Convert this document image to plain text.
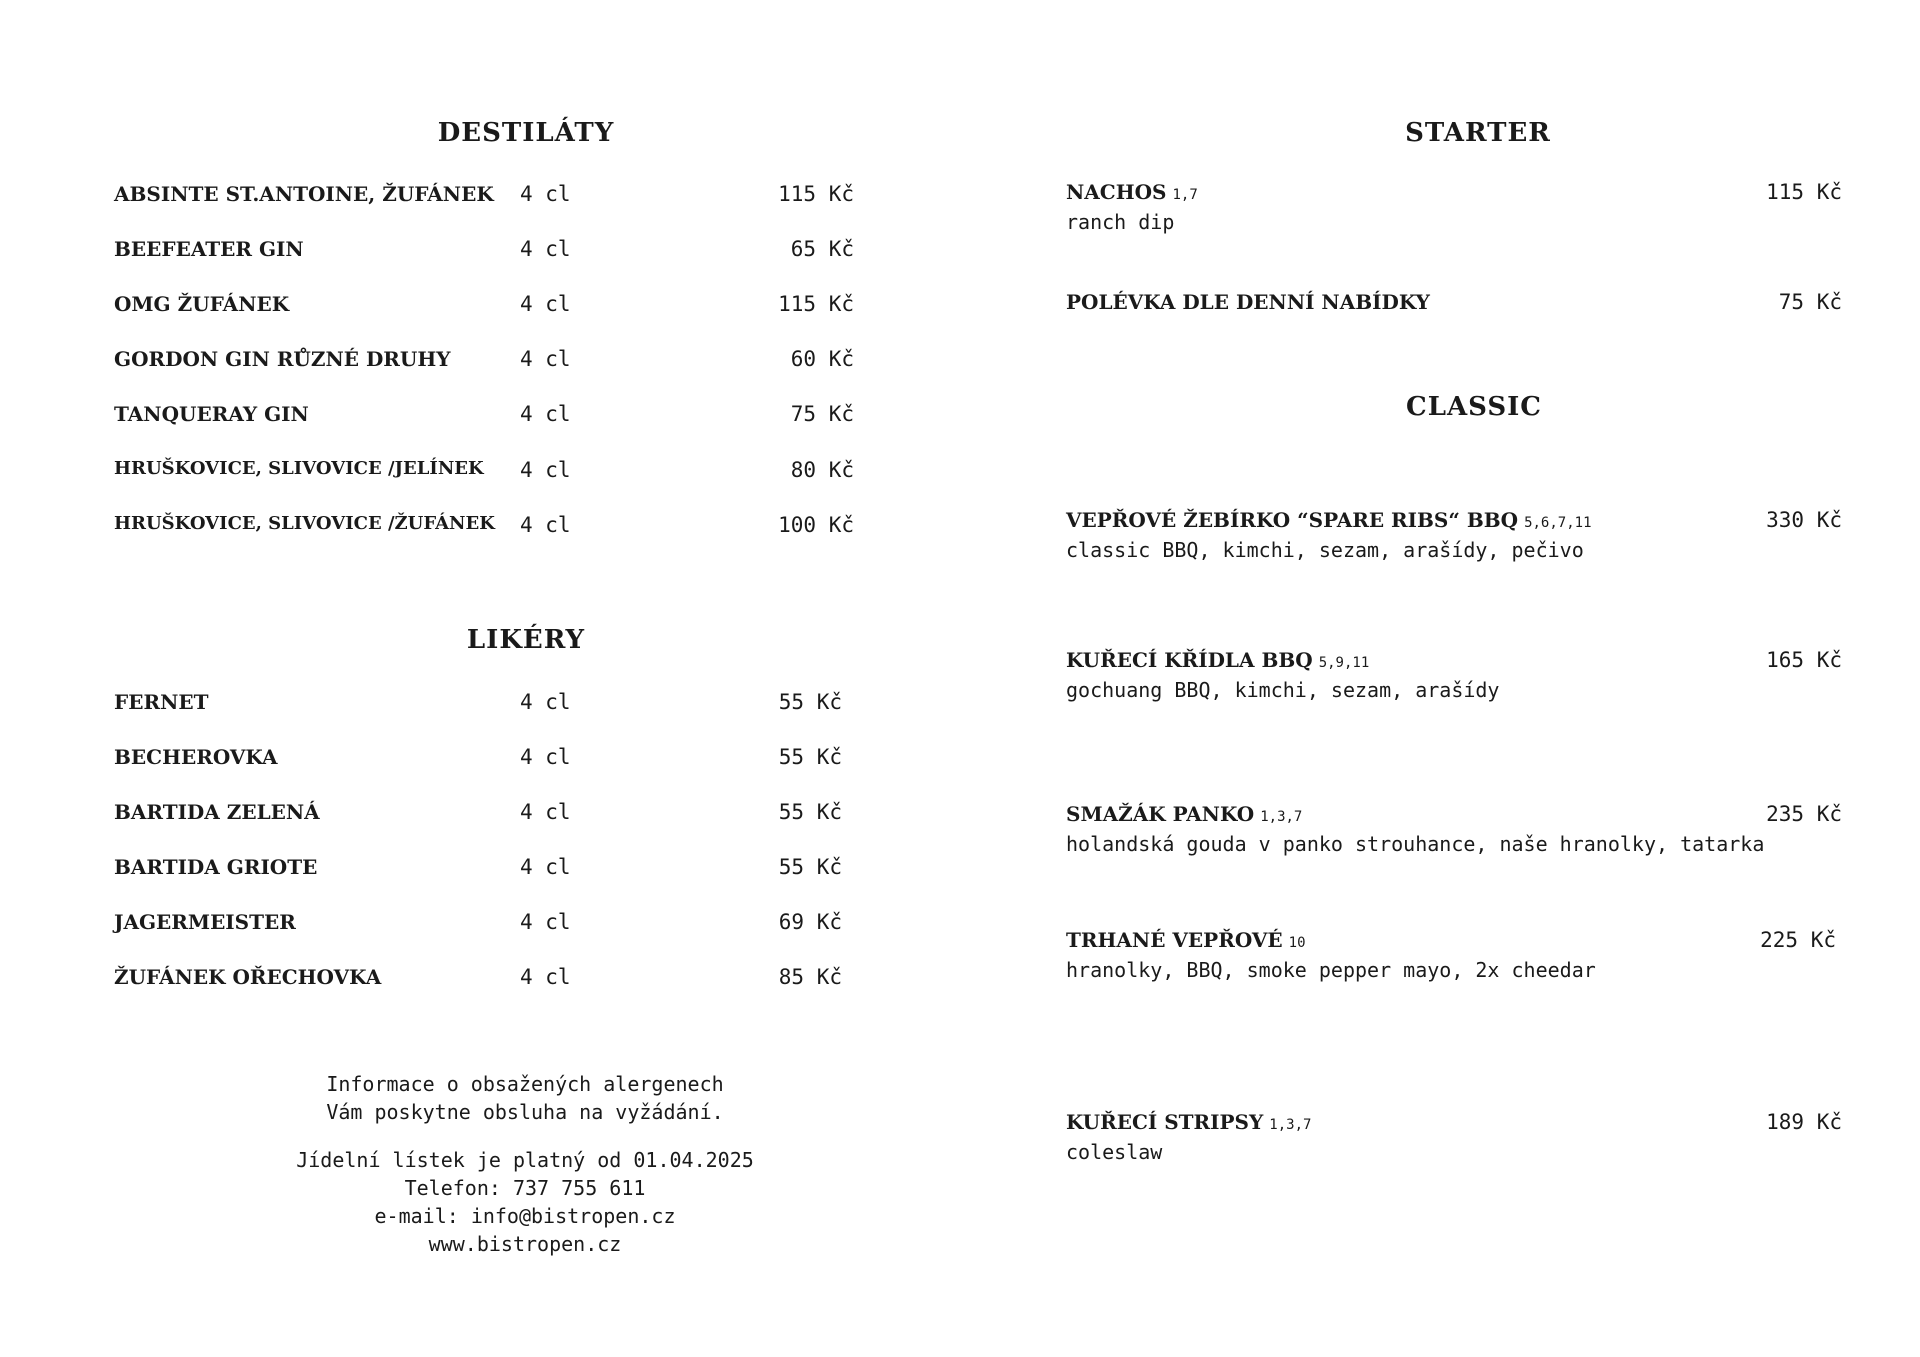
DESTILÁTY
ABSINTE ST.ANTOINE, ŽUFÁNEK 4 cl	115 Kč
BEEFEATER GIN	4 cl	65 Kč
OMG ŽUFÁNEK	4 cl	115 Kč
GORDON GIN RŮZNÉ DRUHY	4 cl	60 Kč
TANQUERAY GIN	4 cl	75 Kč
HRUŠKOVICE, SLIVOVICE /JELÍNEK 4 cl	80 Kč
HRUŠKOVICE, SLIVOVICE /ŽUFÁNEK 4 cl	100 Kč
LIKÉRY
FERNET	4 cl	55 Kč
BECHEROVKA	4 cl	55 Kč
BARTIDA ZELENÁ	4 cl	55 Kč
BARTIDA GRIOTE	4 cl	55 Kč
JAGERMEISTER	4 cl	69 Kč
ŽUFÁNEK OŘECHOVKA	4 cl	85 Kč
Informace o obsažených alergenech
Vám poskytne obsluha na vyžádání.
Jídelní lístek je platný od 01.04.2025
Telefon: 737 755 611
e-mail: info@bistropen.cz
www.bistropen.cz
STARTER
NACHOS 1,7	115 Kč
ranch dip
POLÉVKA DLE DENNÍ NABÍDKY	75 Kč
CLASSIC
VEPŘOVÉ ŽEBÍRKO “SPARE RIBS“ BBQ 5,6,7,11	330 Kč
classic BBQ, kimchi, sezam, arašídy, pečivo
KUŘECÍ KŘÍDLA BBQ 5,9,11	165 Kč
gochuang BBQ, kimchi, sezam, arašídy
SMAŽÁK PANKO 1,3,7	235 Kč
holandská gouda v panko strouhance, naše hranolky, tatarka
TRHANÉ VEPŘOVÉ 10	225 Kč
hranolky, BBQ, smoke pepper mayo, 2x cheedar
KUŘECÍ STRIPSY 1,3,7	189 Kč
coleslaw
